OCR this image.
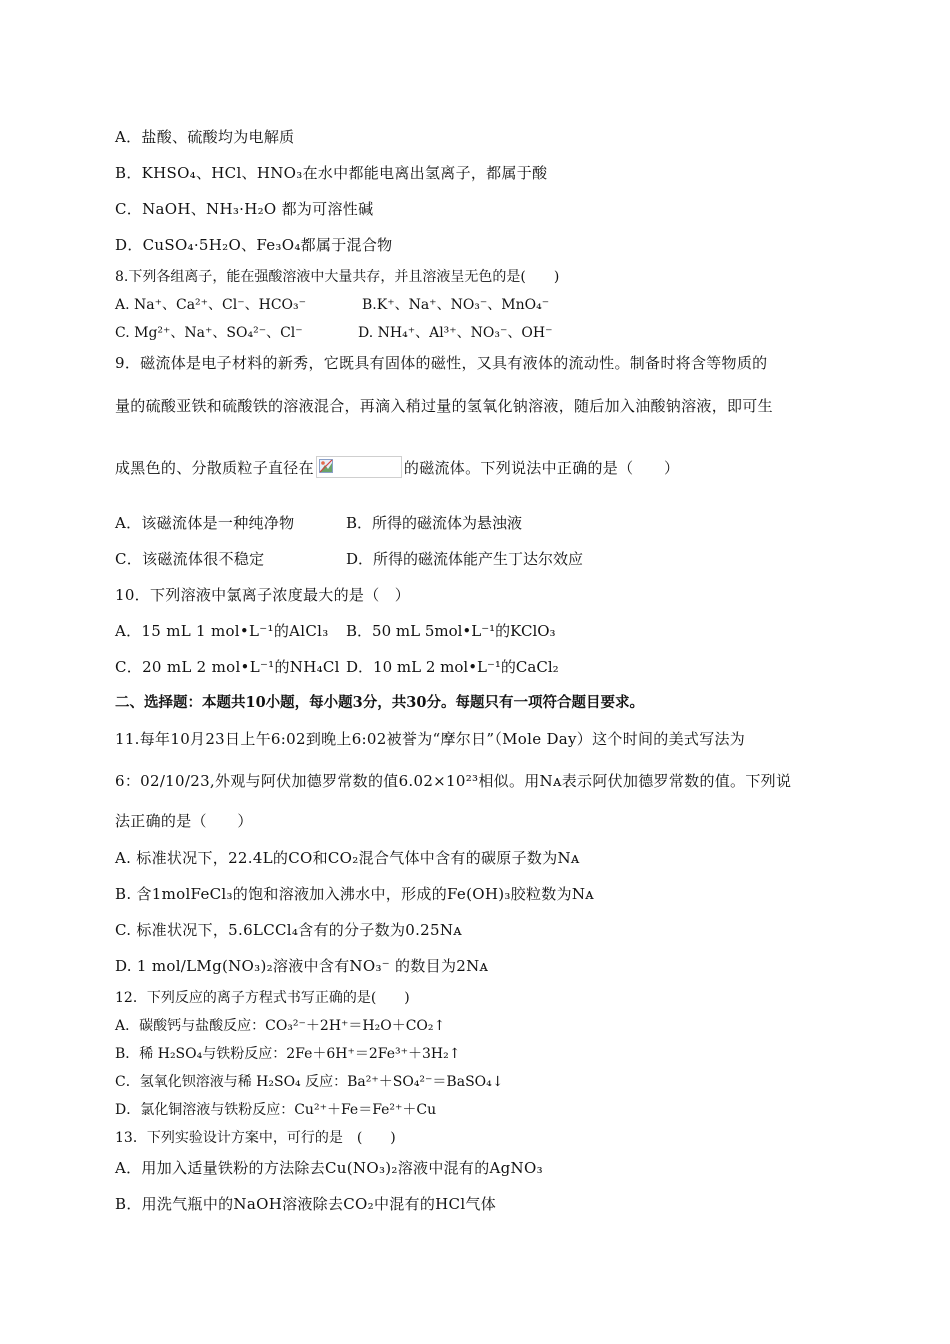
A．盐酸、硫酸均为电解质
B．KHSO₄、HCl、HNO₃在水中都能电离出氢离子，都属于酸
C．NaOH、NH₃·H₂O 都为可溶性碱
D．CuSO₄·5H₂O、Fe₃O₄都属于混合物
8.下列各组离子，能在强酸溶液中大量共存，并且溶液呈无色的是(　　)
A. Na⁺、Ca²⁺、Cl⁻、HCO₃⁻	B.K⁺、Na⁺、NO₃⁻、MnO₄⁻
C. Mg²⁺、Na⁺、SO₄²⁻、Cl⁻	D. NH₄⁺、Al³⁺、NO₃⁻、OH⁻
9．磁流体是电子材料的新秀，它既具有固体的磁性，又具有液体的流动性。制备时将含等物质的
量的硫酸亚铁和硫酸铁的溶液混合，再滴入稍过量的氢氧化钠溶液，随后加入油酸钠溶液，即可生
成黑色的、分散质粒子直径在	的磁流体。下列说法中正确的是（　　）
A．该磁流体是一种纯净物	B．所得的磁流体为悬浊液
C．该磁流体很不稳定	D．所得的磁流体能产生丁达尔效应
10．下列溶液中氯离子浓度最大的是（　）
A．15 mL 1 mol•L⁻¹的AlCl₃ B．50 mL 5mol•L⁻¹的KClO₃
C．20 mL 2 mol•L⁻¹的NH₄Cl D．10 mL 2 mol•L⁻¹的CaCl₂
二、选择题：本题共10小题，每小题3分，共30分。每题只有一项符合题目要求。
11.每年10月23日上午6:02到晚上6:02被誉为“摩尔日”（Mole Day）这个时间的美式写法为
6：02/10/23,外观与阿伏加德罗常数的值6.02×10²³相似。用Nᴀ表示阿伏加德罗常数的值。下列说
法正确的是（　　）
A. 标准状况下，22.4L的CO和CO₂混合气体中含有的碳原子数为Nᴀ
B. 含1molFeCl₃的饱和溶液加入沸水中，形成的Fe(OH)₃胶粒数为Nᴀ
C. 标准状况下，5.6LCCl₄含有的分子数为0.25Nᴀ
D. 1 mol/LMg(NO₃)₂溶液中含有NO₃⁻ 的数目为2Nᴀ
12．下列反应的离子方程式书写正确的是(　　)
A．碳酸钙与盐酸反应：CO₃²⁻＋2H⁺＝H₂O＋CO₂↑
B．稀 H₂SO₄与铁粉反应：2Fe＋6H⁺＝2Fe³⁺＋3H₂↑
C．氢氧化钡溶液与稀 H₂SO₄ 反应：Ba²⁺＋SO₄²⁻＝BaSO₄↓
D．氯化铜溶液与铁粉反应：Cu²⁺＋Fe＝Fe²⁺＋Cu
13．下列实验设计方案中，可行的是　(　　)
A．用加入适量铁粉的方法除去Cu(NO₃)₂溶液中混有的AgNO₃
B．用洗气瓶中的NaOH溶液除去CO₂中混有的HCl气体
